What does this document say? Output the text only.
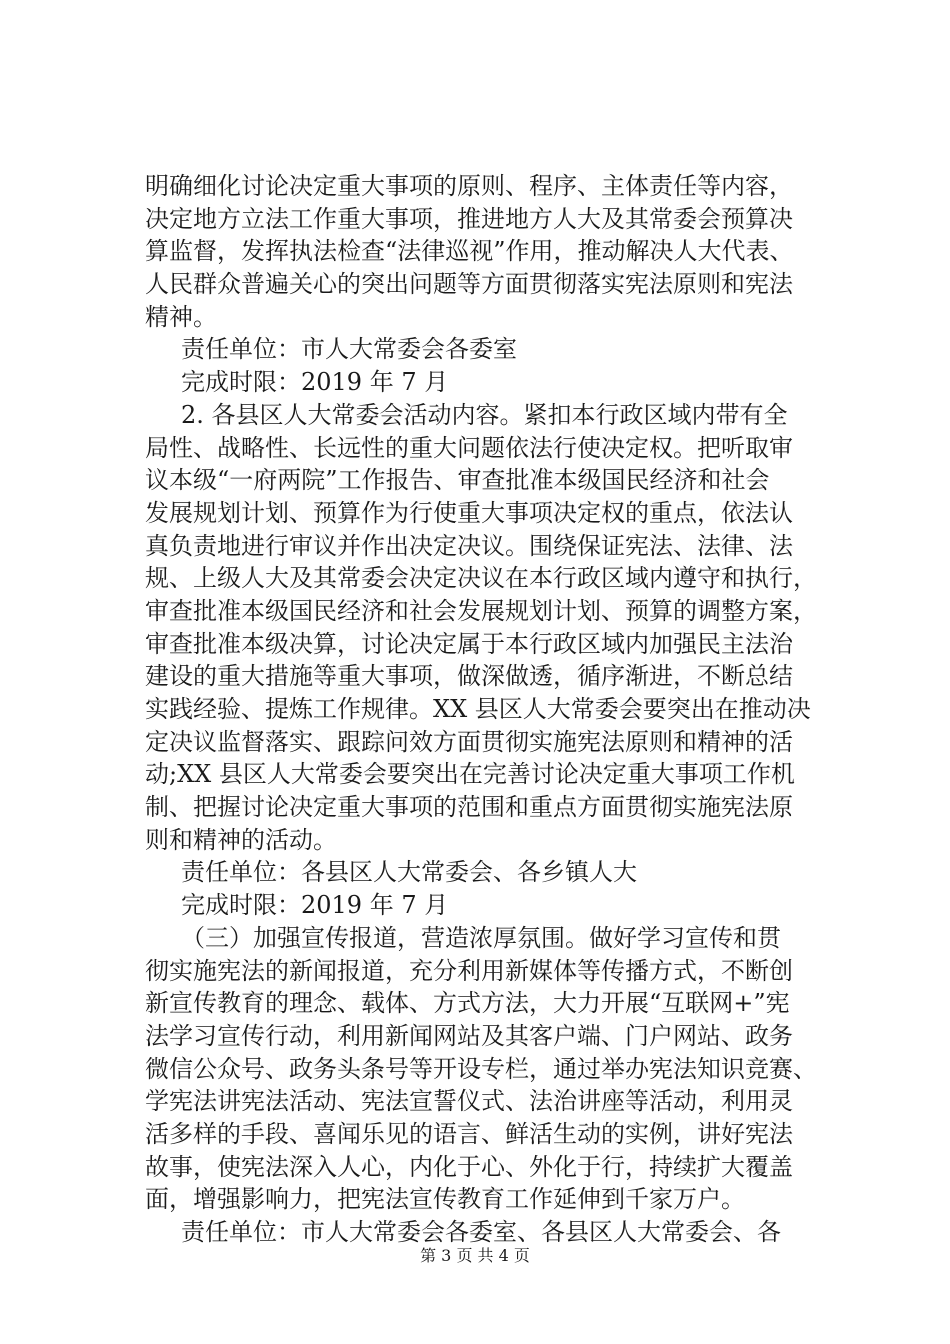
明确细化讨论决定重大事项的原则、程序、主体责任等内容，
决定地方立法工作重大事项，推进地方人大及其常委会预算决
算监督，发挥执法检查“法律巡视”作用，推动解决人大代表、
人民群众普遍关心的突出问题等方面贯彻落实宪法原则和宪法
精神。
责任单位：市人大常委会各委室
完成时限：2019 年 7 月
2. 各县区人大常委会活动内容。紧扣本行政区域内带有全
局性、战略性、长远性的重大问题依法行使决定权。把听取审
议本级“一府两院”工作报告、审查批准本级国民经济和社会
发展规划计划、预算作为行使重大事项决定权的重点，依法认
真负责地进行审议并作出决定决议。围绕保证宪法、法律、法
规、上级人大及其常委会决定决议在本行政区域内遵守和执行，
审查批准本级国民经济和社会发展规划计划、预算的调整方案，
审查批准本级决算，讨论决定属于本行政区域内加强民主法治
建设的重大措施等重大事项，做深做透，循序渐进，不断总结
实践经验、提炼工作规律。XX 县区人大常委会要突出在推动决
定决议监督落实、跟踪问效方面贯彻实施宪法原则和精神的活
动;XX 县区人大常委会要突出在完善讨论决定重大事项工作机
制、把握讨论决定重大事项的范围和重点方面贯彻实施宪法原
则和精神的活动。
责任单位：各县区人大常委会、各乡镇人大
完成时限：2019 年 7 月
（三）加强宣传报道，营造浓厚氛围。做好学习宣传和贯
彻实施宪法的新闻报道，充分利用新媒体等传播方式，不断创
新宣传教育的理念、载体、方式方法，大力开展“互联网+”宪
法学习宣传行动，利用新闻网站及其客户端、门户网站、政务
微信公众号、政务头条号等开设专栏，通过举办宪法知识竞赛、
学宪法讲宪法活动、宪法宣誓仪式、法治讲座等活动，利用灵
活多样的手段、喜闻乐见的语言、鲜活生动的实例，讲好宪法
故事，使宪法深入人心，内化于心、外化于行，持续扩大覆盖
面，增强影响力，把宪法宣传教育工作延伸到千家万户。
责任单位：市人大常委会各委室、各县区人大常委会、各
第 3 页 共 4 页
